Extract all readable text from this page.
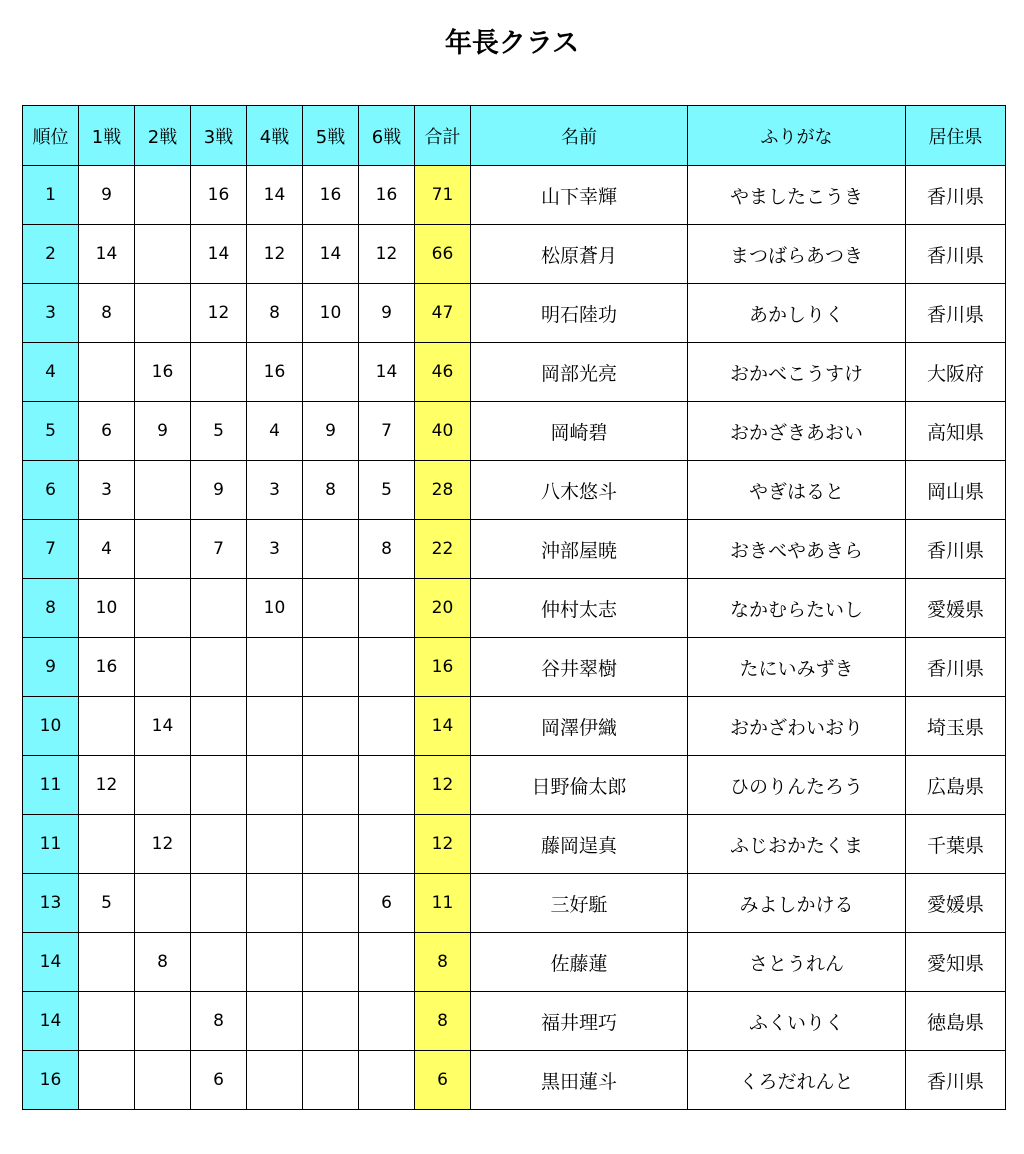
年長クラス
順位	1戦	2戦	3戦	4戦	5戦	6戦	合計	名前	ふりがな	居住県
1	9		16	14	16	16	71	山下幸輝	やましたこうき	香川県
2	14		14	12	14	12	66	松原蒼月	まつばらあつき	香川県
3	8		12	8	10	9	47	明石陸功	あかしりく	香川県
4		16		16		14	46	岡部光亮	おかべこうすけ	大阪府
5	6	9	5	4	9	7	40	岡崎碧	おかざきあおい	高知県
6	3		9	3	8	5	28	八木悠斗	やぎはると	岡山県
7	4		7	3		8	22	沖部屋暁	おきべやあきら	香川県
8	10			10			20	仲村太志	なかむらたいし	愛媛県
9	16						16	谷井翠樹	たにいみずき	香川県
10		14					14	岡澤伊織	おかざわいおり	埼玉県
11	12						12	日野倫太郎	ひのりんたろう	広島県
11		12					12	藤岡逞真	ふじおかたくま	千葉県
13	5					6	11	三好駈	みよしかける	愛媛県
14		8					8	佐藤蓮	さとうれん	愛知県
14			8				8	福井理巧	ふくいりく	徳島県
16			6				6	黒田蓮斗	くろだれんと	香川県
